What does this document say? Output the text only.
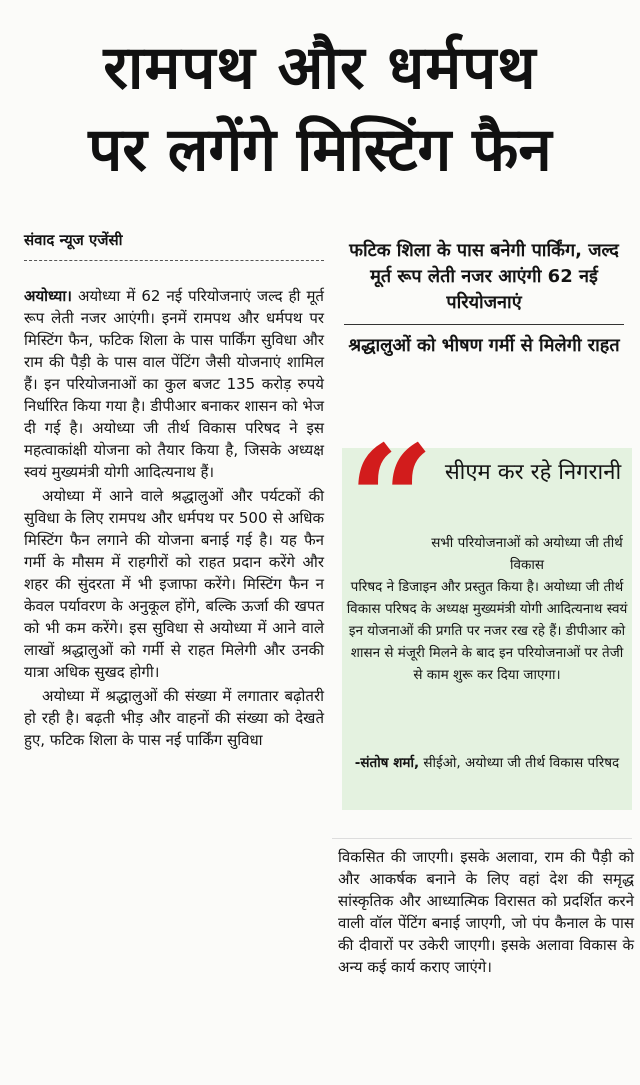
रामपथ और धर्मपथ
पर लगेंगे मिस्टिंग फैन
संवाद न्यूज एजेंसी	फटिक शिला के पास बनेगी पार्किंग, जल्द मूर्त रूप लेती नजर आएंगी 62 नई परियोजनाएं
श्रद्धालुओं को भीषण गर्मी से मिलेगी राहत
“ सीएम कर रहे निगरानी
सभी परियोजनाओं को अयोध्या जी तीर्थ विकास
परिषद ने डिजाइन और प्रस्तुत किया है। अयोध्या जी तीर्थ विकास परिषद के अध्यक्ष मुख्यमंत्री योगी आदित्यनाथ स्वयं इन योजनाओं की प्रगति पर नजर रख रहे हैं। डीपीआर को शासन से मंजूरी मिलने के बाद इन परियोजनाओं पर तेजी से काम शुरू कर दिया जाएगा।
-संतोष शर्मा, सीईओ, अयोध्या जी तीर्थ विकास परिषद

अयोध्या। अयोध्या में 62 नई परियोजनाएं जल्द ही मूर्त रूप लेती नजर आएंगी। इनमें रामपथ और धर्मपथ पर मिस्टिंग फैन, फटिक शिला के पास पार्किंग सुविधा और राम की पैड़ी के पास वाल पेंटिंग जैसी योजनाएं शामिल हैं। इन परियोजनाओं का कुल बजट 135 करोड़ रुपये निर्धारित किया गया है। डीपीआर बनाकर शासन को भेज दी गई है। अयोध्या जी तीर्थ विकास परिषद ने इस महत्वाकांक्षी योजना को तैयार किया है, जिसके अध्यक्ष स्वयं मुख्यमंत्री योगी आदित्यनाथ हैं।

अयोध्या में आने वाले श्रद्धालुओं और पर्यटकों की सुविधा के लिए रामपथ और धर्मपथ पर 500 से अधिक मिस्टिंग फैन लगाने की योजना बनाई गई है। यह फैन गर्मी के मौसम में राहगीरों को राहत प्रदान करेंगे और शहर की सुंदरता में भी इजाफा करेंगे। मिस्टिंग फैन न केवल पर्यावरण के अनुकूल होंगे, बल्कि ऊर्जा की खपत को भी कम करेंगे। इस सुविधा से अयोध्या में आने वाले लाखों श्रद्धालुओं को गर्मी से राहत मिलेगी और उनकी यात्रा अधिक सुखद होगी।

अयोध्या में श्रद्धालुओं की संख्या में लगातार बढ़ोतरी हो रही है। बढ़ती भीड़ और वाहनों की संख्या को देखते हुए, फटिक शिला के पास नई पार्किंग सुविधा

विकसित की जाएगी। इसके अलावा, राम की पैड़ी को और आकर्षक बनाने के लिए वहां देश की समृद्ध सांस्कृतिक और आध्यात्मिक विरासत को प्रदर्शित करने वाली वॉल पेंटिंग बनाई जाएगी, जो पंप कैनाल के पास की दीवारों पर उकेरी जाएगी। इसके अलावा विकास के अन्य कई कार्य कराए जाएंगे।
